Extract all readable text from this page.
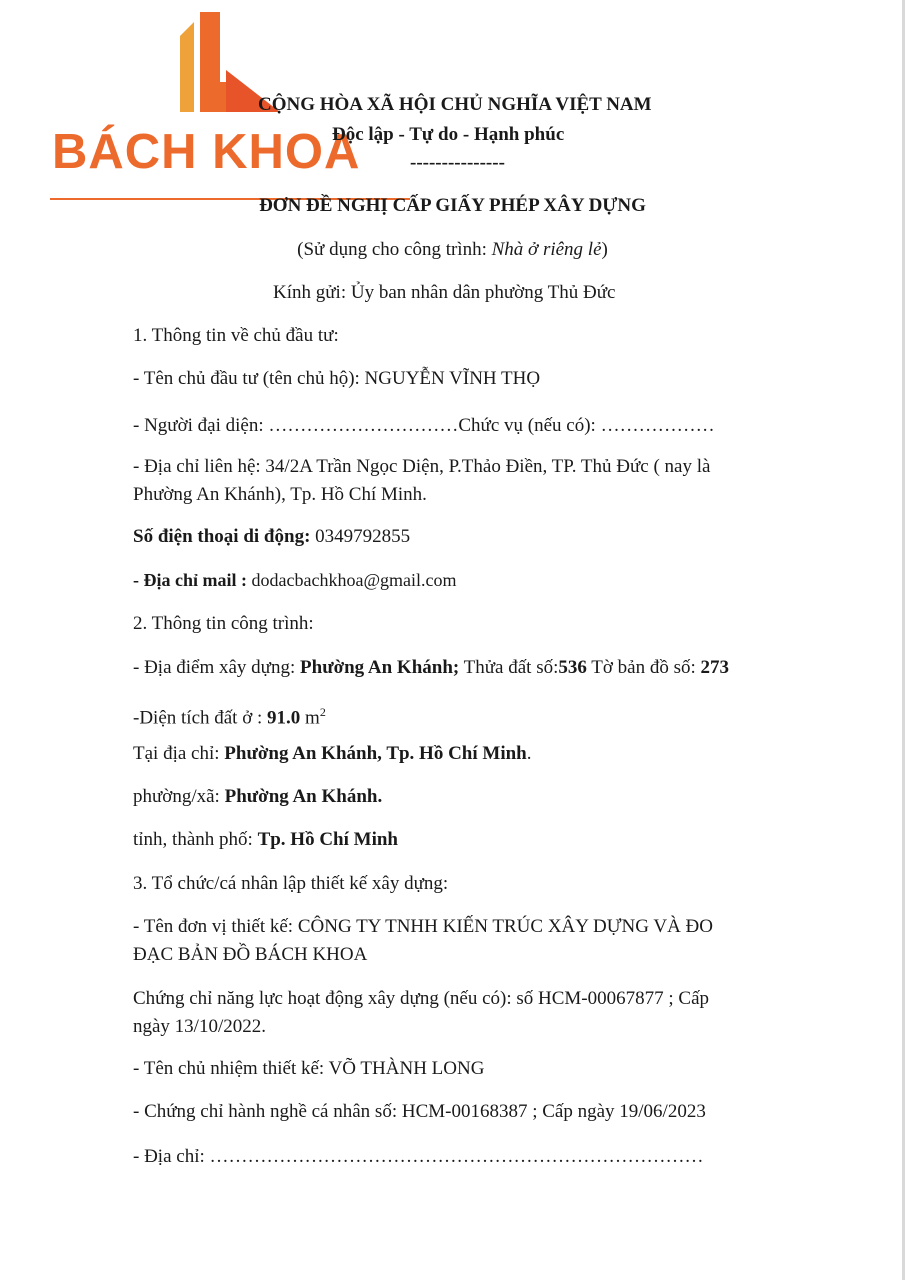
BÁCH KHOA
CỘNG HÒA XÃ HỘI CHỦ NGHĨA VIỆT NAM
Độc lập - Tự do - Hạnh phúc
---------------
ĐƠN ĐỀ NGHỊ CẤP GIẤY PHÉP XÂY DỰNG
(Sử dụng cho công trình: Nhà ở riêng lẻ)
Kính gửi: Ủy ban nhân dân phường Thủ Đức
1. Thông tin về chủ đầu tư:
- Tên chủ đầu tư (tên chủ hộ): NGUYỄN VĨNH THỌ
- Người đại diện: …………………………Chức vụ (nếu có): ………………
- Địa chỉ liên hệ: 34/2A Trần Ngọc Diện, P.Thảo Điền, TP. Thủ Đức ( nay là
Phường An Khánh), Tp. Hồ Chí Minh.
Số điện thoại di động: 0349792855
- Địa chỉ mail : dodacbachkhoa@gmail.com
2. Thông tin công trình:
- Địa điểm xây dựng: Phường An Khánh; Thửa đất số:536 Tờ bản đồ số: 273
-Diện tích đất ở : 91.0 $m^2$
Tại địa chỉ: Phường An Khánh, Tp. Hồ Chí Minh.
phường/xã: Phường An Khánh.
tỉnh, thành phố: Tp. Hồ Chí Minh
3. Tổ chức/cá nhân lập thiết kế xây dựng:
- Tên đơn vị thiết kế: CÔNG TY TNHH KIẾN TRÚC XÂY DỰNG VÀ ĐO
ĐẠC BẢN ĐỒ BÁCH KHOA
Chứng chỉ năng lực hoạt động xây dựng (nếu có): số HCM-00067877 ; Cấp
ngày 13/10/2022.
- Tên chủ nhiệm thiết kế: VÕ THÀNH LONG
- Chứng chỉ hành nghề cá nhân số: HCM-00168387 ; Cấp ngày 19/06/2023
- Địa chỉ: ……………………………………………………………………
